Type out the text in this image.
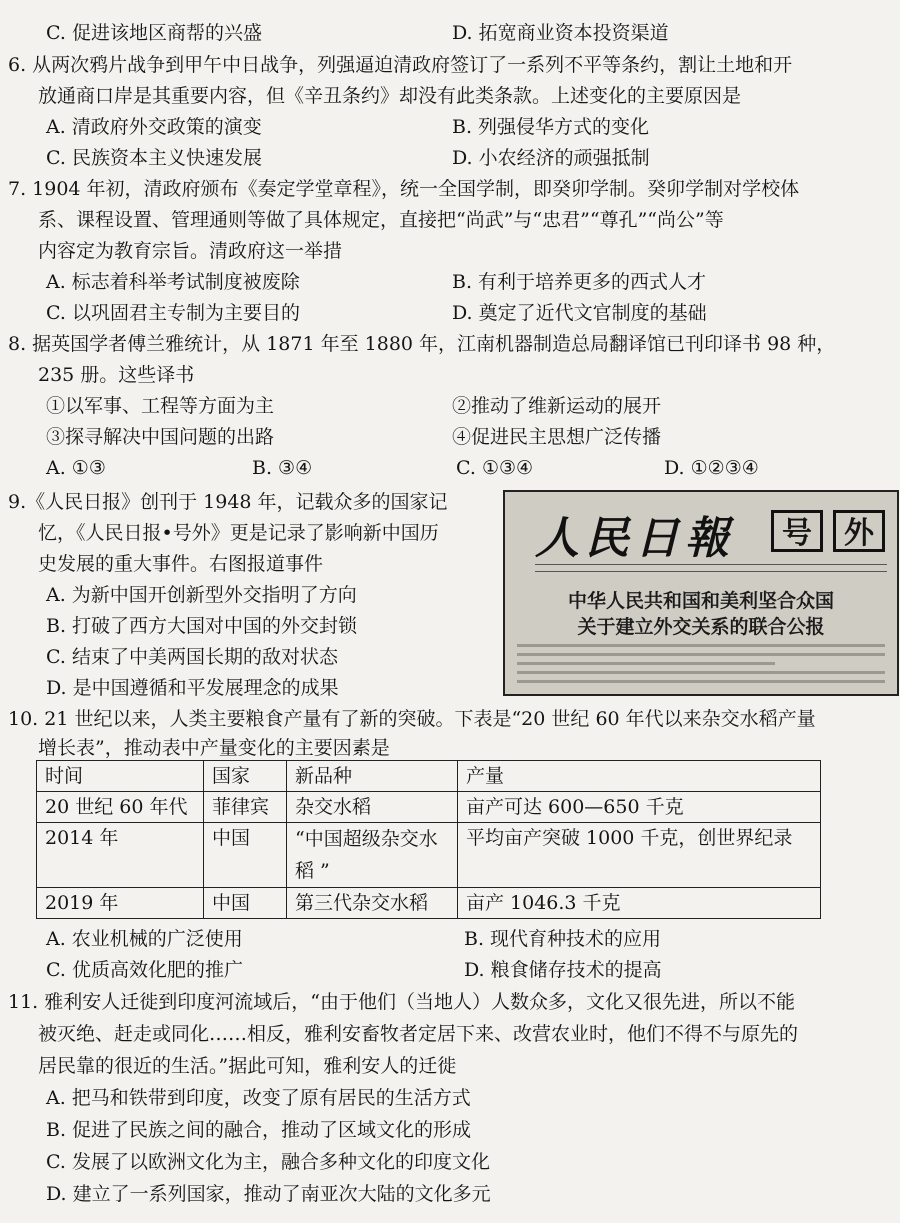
C. 促进该地区商帮的兴盛	D. 拓宽商业资本投资渠道
6. 从两次鸦片战争到甲午中日战争，列强逼迫清政府签订了一系列不平等条约，割让土地和开
放通商口岸是其重要内容，但《辛丑条约》却没有此类条款。上述变化的主要原因是
A. 清政府外交政策的演变	B. 列强侵华方式的变化
C. 民族资本主义快速发展	D. 小农经济的顽强抵制
7. 1904 年初，清政府颁布《奏定学堂章程》，统一全国学制，即癸卯学制。癸卯学制对学校体
系、课程设置、管理通则等做了具体规定，直接把“尚武”与“忠君”“尊孔”“尚公”等
内容定为教育宗旨。清政府这一举措
A. 标志着科举考试制度被废除	B. 有利于培养更多的西式人才
C. 以巩固君主专制为主要目的	D. 奠定了近代文官制度的基础
8. 据英国学者傅兰雅统计，从 1871 年至 1880 年，江南机器制造总局翻译馆已刊印译书 98 种，
235 册。这些译书
①以军事、工程等方面为主	②推动了维新运动的展开
③探寻解决中国问题的出路	④促进民主思想广泛传播
A. ①③	B. ③④	C. ①③④	D. ①②③④
9.《人民日报》创刊于 1948 年，记载众多的国家记
忆，《人民日报•号外》更是记录了影响新中国历
史发展的重大事件。右图报道事件
A. 为新中国开创新型外交指明了方向
B. 打破了西方大国对中国的外交封锁
C. 结束了中美两国长期的敌对状态
D. 是中国遵循和平发展理念的成果
人民日報	号	外
中华人民共和国和美利坚合众国
关于建立外交关系的联合公报
10. 21 世纪以来，人类主要粮食产量有了新的突破。下表是“20 世纪 60 年代以来杂交水稻产量
增长表”，推动表中产量变化的主要因素是
时间	国家	新品种	产量
20 世纪 60 年代	菲律宾	杂交水稻	亩产可达 600—650 千克
2014 年	中国	“中国超级杂交水稻 ”	平均亩产突破 1000 千克，创世界纪录
2019 年	中国	第三代杂交水稻	亩产 1046.3 千克
A. 农业机械的广泛使用	B. 现代育种技术的应用
C. 优质高效化肥的推广	D. 粮食储存技术的提高
11. 雅利安人迁徙到印度河流域后，“由于他们（当地人）人数众多，文化又很先进，所以不能
被灭绝、赶走或同化……相反，雅利安畜牧者定居下来、改营农业时，他们不得不与原先的
居民靠的很近的生活。”据此可知，雅利安人的迁徙
A. 把马和铁带到印度，改变了原有居民的生活方式
B. 促进了民族之间的融合，推动了区域文化的形成
C. 发展了以欧洲文化为主，融合多种文化的印度文化
D. 建立了一系列国家，推动了南亚次大陆的文化多元
